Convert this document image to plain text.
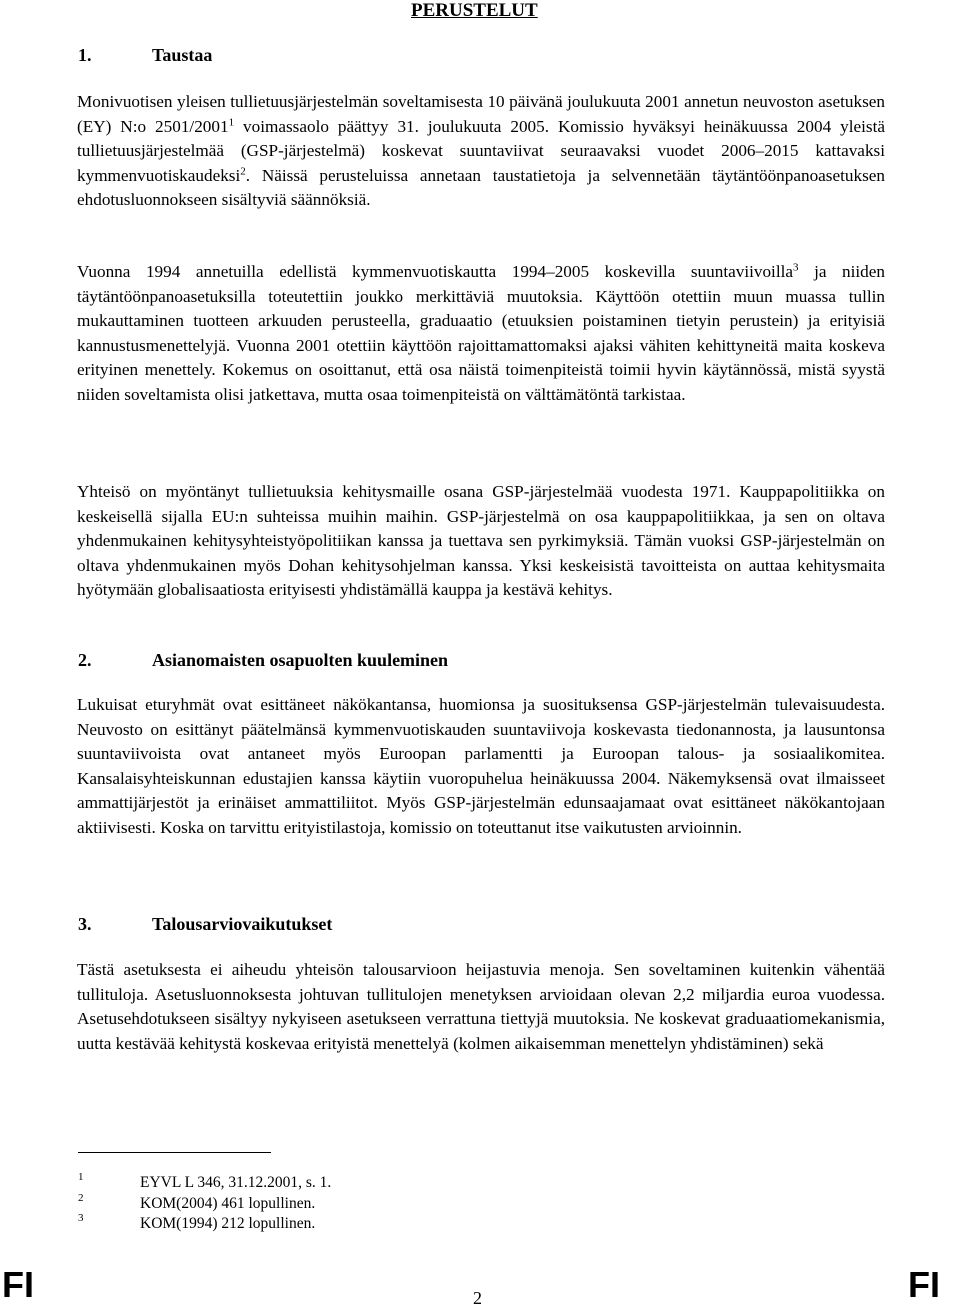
PERUSTELUT
1.	Taustaa

Monivuotisen yleisen tullietuusjärjestelmän soveltamisesta 10 päivänä joulukuuta 2001 annetun neuvoston asetuksen (EY) N:o 2501/2001$^1$ voimassaolo päättyy 31. joulukuuta 2005. Komissio hyväksyi heinäkuussa 2004 yleistä tullietuusjärjestelmää (GSP-järjestelmä) koskevat suuntaviivat seuraavaksi vuodet 2006–2015 kattavaksi kymmenvuotiskaudeksi$^2$. Näissä perusteluissa annetaan taustatietoja ja selvennetään täytäntöönpanoasetuksen ehdotusluonnokseen sisältyviä säännöksiä.

Vuonna 1994 annetuilla edellistä kymmenvuotiskautta 1994–2005 koskevilla suuntaviivoilla$^3$ ja niiden täytäntöönpanoasetuksilla toteutettiin joukko merkittäviä muutoksia. Käyttöön otettiin muun muassa tullin mukauttaminen tuotteen arkuuden perusteella, graduaatio (etuuksien poistaminen tietyin perustein) ja erityisiä kannustusmenettelyjä. Vuonna 2001 otettiin käyttöön rajoittamattomaksi ajaksi vähiten kehittyneitä maita koskeva erityinen menettely. Kokemus on osoittanut, että osa näistä toimenpiteistä toimii hyvin käytännössä, mistä syystä niiden soveltamista olisi jatkettava, mutta osaa toimenpiteistä on välttämätöntä tarkistaa.

Yhteisö on myöntänyt tullietuuksia kehitysmaille osana GSP-järjestelmää vuodesta 1971. Kauppapolitiikka on keskeisellä sijalla EU:n suhteissa muihin maihin. GSP-järjestelmä on osa kauppapolitiikkaa, ja sen on oltava yhdenmukainen kehitysyhteistyöpolitiikan kanssa ja tuettava sen pyrkimyksiä. Tämän vuoksi GSP-järjestelmän on oltava yhdenmukainen myös Dohan kehitysohjelman kanssa. Yksi keskeisistä tavoitteista on auttaa kehitysmaita hyötymään globalisaatiosta erityisesti yhdistämällä kauppa ja kestävä kehitys.

2.	Asianomaisten osapuolten kuuleminen

Lukuisat eturyhmät ovat esittäneet näkökantansa, huomionsa ja suosituksensa GSP-järjestelmän tulevaisuudesta. Neuvosto on esittänyt päätelmänsä kymmenvuotiskauden suuntaviivoja koskevasta tiedonannosta, ja lausuntonsa suuntaviivoista ovat antaneet myös Euroopan parlamentti ja Euroopan talous- ja sosiaalikomitea. Kansalaisyhteiskunnan edustajien kanssa käytiin vuoropuhelua heinäkuussa 2004. Näkemyksensä ovat ilmaisseet ammattijärjestöt ja erinäiset ammattiliitot. Myös GSP-järjestelmän edunsaajamaat ovat esittäneet näkökantojaan aktiivisesti. Koska on tarvittu erityistilastoja, komissio on toteuttanut itse vaikutusten arvioinnin.

3.	Talousarviovaikutukset

Tästä asetuksesta ei aiheudu yhteisön talousarvioon heijastuvia menoja. Sen soveltaminen kuitenkin vähentää tullituloja. Asetusluonnoksesta johtuvan tullitulojen menetyksen arvioidaan olevan 2,2 miljardia euroa vuodessa. Asetusehdotukseen sisältyy nykyiseen asetukseen verrattuna tiettyjä muutoksia. Ne koskevat graduaatiomekanismia, uutta kestävää kehitystä koskevaa erityistä menettelyä (kolmen aikaisemman menettelyn yhdistäminen) sekä

1	EYVL L 346, 31.12.2001, s. 1.
2	KOM(2004) 461 lopullinen.
3	KOM(1994) 212 lopullinen.
FI	2	FI
